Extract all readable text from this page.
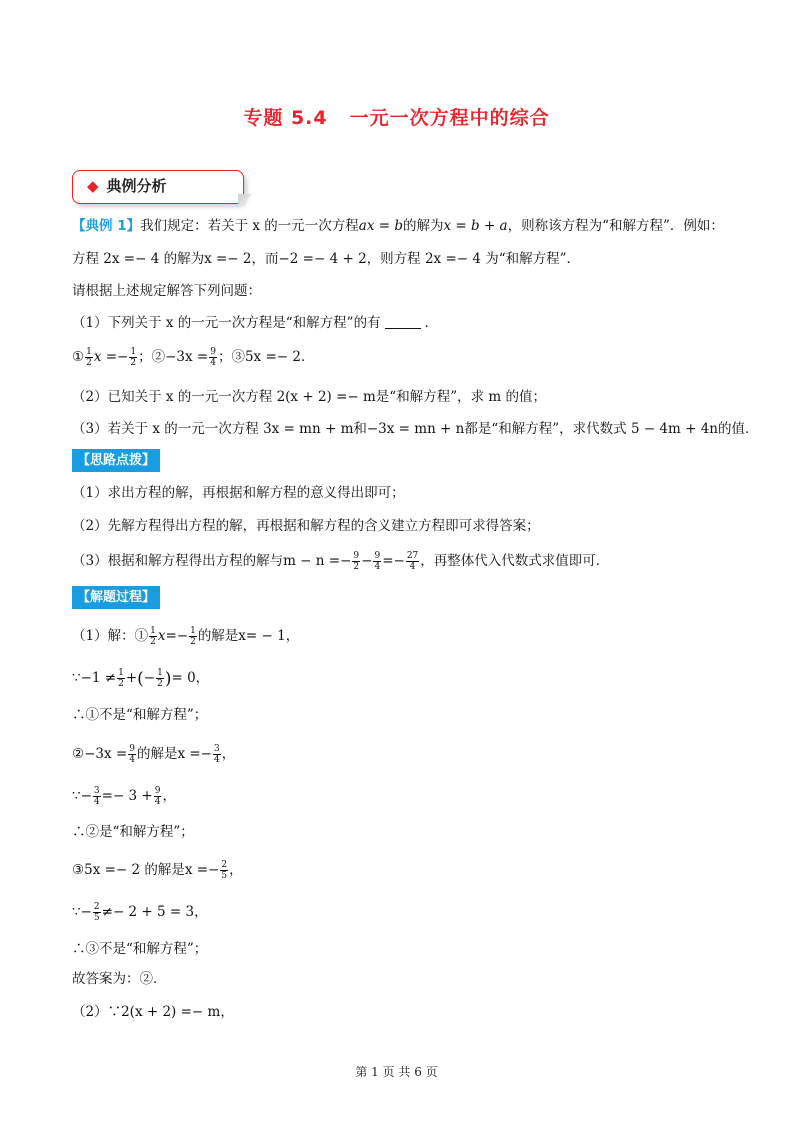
专题 5.4 一元一次方程中的综合
◆ 典例分析
【典例 1】我们规定：若关于 x 的一元一次方程ax = b的解为x = b + a，则称该方程为“和解方程”．例如：
方程 2x =− 4 的解为x =− 2，而−2 =− 4 + 2，则方程 2x =− 4 为“和解方程”．
请根据上述规定解答下列问题：
（1）下列关于 x 的一元一次方程是“和解方程”的有	．
① $\frac{1}{2}$ $x =- \frac{1}{2}$ ；②−3x = $\frac{9}{4}$ ；③5x =− 2．
（2）已知关于 x 的一元一次方程 2(x + 2) =− m是“和解方程”，求 m 的值；
（3）若关于 x 的一元一次方程 3x = mn + m和−3x = mn + n都是“和解方程”，求代数式 5 − 4m + 4n的值．
【思路点拨】
（1）求出方程的解，再根据和解方程的意义得出即可；
（2）先解方程得出方程的解，再根据和解方程的含义建立方程即可求得答案；
（3）根据和解方程得出方程的解与$m - n =- \frac{9}{2} - \frac{9}{4} =- \frac{27}{4}$ ，再整体代入代数式求值即可．
【解题过程】
（1）解：① $\frac{1}{2} x=- \frac{1}{2}$ 的解是x= − 1，
∵−1 ≠ $\frac{1}{2}$ +(− $\frac{1}{2}$ )= 0，
∴①不是“和解方程”；
②−3x = $\frac{9}{4}$ 的解是$x =- \frac{3}{4}$ ，
∵− $\frac{3}{4} =- 3 + \frac{9}{4}$ ，
∴②是“和解方程”；
③5x =− 2 的解是$x =- \frac{2}{5}$ ，
∵− $\frac{2}{5} \ne- 2 + 5 = 3$，
∴③不是“和解方程”；
故答案为：②．
（2）∵2(x + 2) =− m，
第 1 页 共 6 页
